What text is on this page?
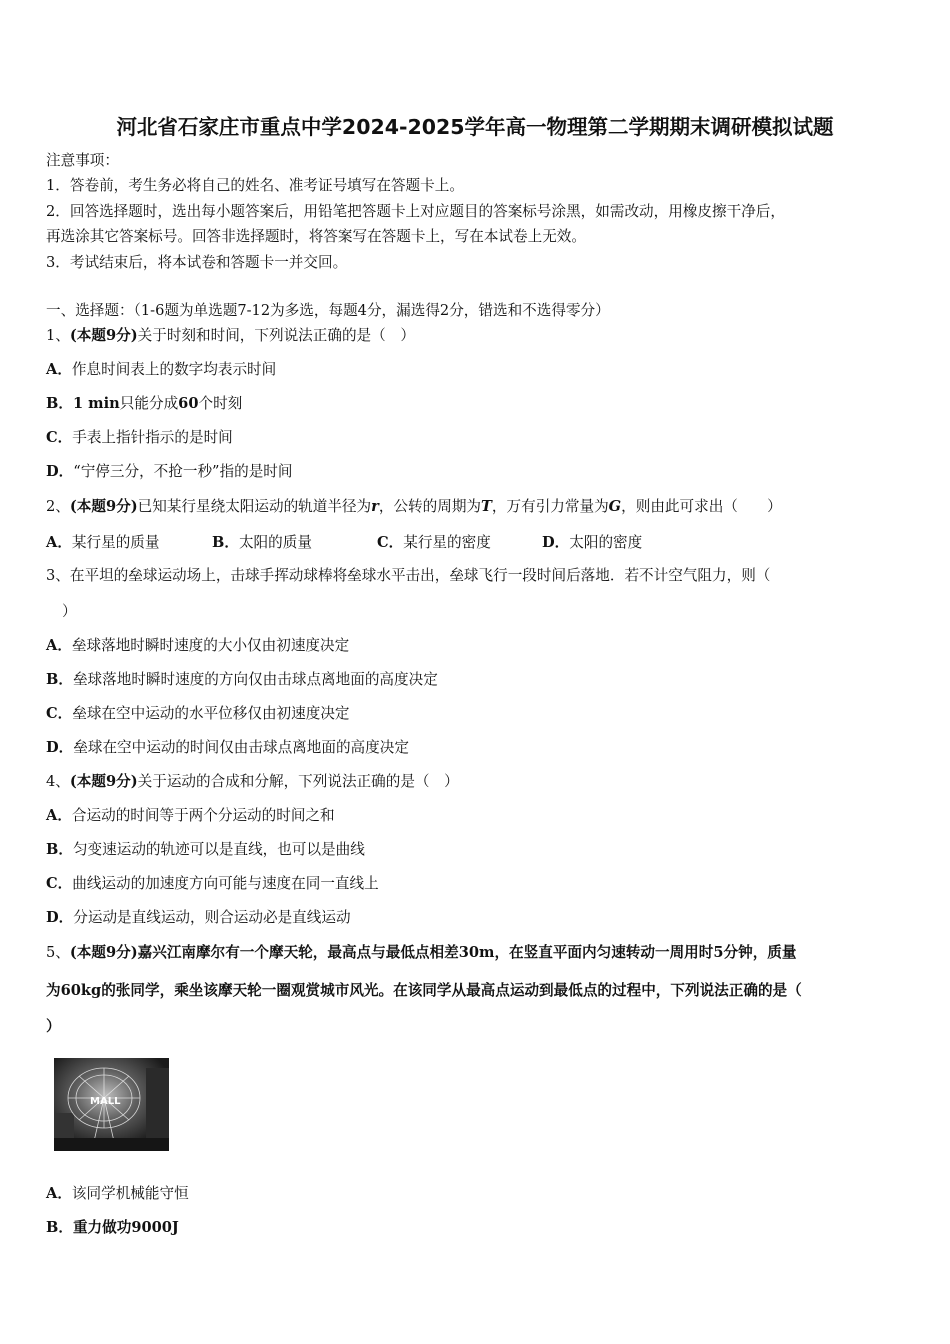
河北省石家庄市重点中学2024-2025学年高一物理第二学期期末调研模拟试题
注意事项：
1．答卷前，考生务必将自己的姓名、准考证号填写在答题卡上。
2．回答选择题时，选出每小题答案后，用铅笔把答题卡上对应题目的答案标号涂黑，如需改动，用橡皮擦干净后，
再选涂其它答案标号。回答非选择题时，将答案写在答题卡上，写在本试卷上无效。
3．考试结束后，将本试卷和答题卡一并交回。
一、选择题：（1-6题为单选题7-12为多选，每题4分，漏选得2分，错选和不选得零分）
1、(本题9分)关于时刻和时间，下列说法正确的是（　）
A．作息时间表上的数字均表示时间
B．1 min只能分成60个时刻
C．手表上指针指示的是时间
D．“宁停三分，不抢一秒”指的是时间
2、(本题9分)已知某行星绕太阳运动的轨道半径为r，公转的周期为T，万有引力常量为G，则由此可求出（　　）
A．某行星的质量	B．太阳的质量	C．某行星的密度	D．太阳的密度
3、在平坦的垒球运动场上，击球手挥动球棒将垒球水平击出，垒球飞行一段时间后落地．若不计空气阻力，则（
）
A．垒球落地时瞬时速度的大小仅由初速度决定
B．垒球落地时瞬时速度的方向仅由击球点离地面的高度决定
C．垒球在空中运动的水平位移仅由初速度决定
D．垒球在空中运动的时间仅由击球点离地面的高度决定
4、(本题9分)关于运动的合成和分解，下列说法正确的是（　）
A．合运动的时间等于两个分运动的时间之和
B．匀变速运动的轨迹可以是直线，也可以是曲线
C．曲线运动的加速度方向可能与速度在同一直线上
D．分运动是直线运动，则合运动必是直线运动
5、(本题9分)嘉兴江南摩尔有一个摩天轮，最高点与最低点相差30m，在竖直平面内匀速转动一周用时5分钟，质量
为60kg的张同学，乘坐该摩天轮一圈观赏城市风光。在该同学从最高点运动到最低点的过程中，下列说法正确的是（
）
MALL
A．该同学机械能守恒
B．重力做功9000J
